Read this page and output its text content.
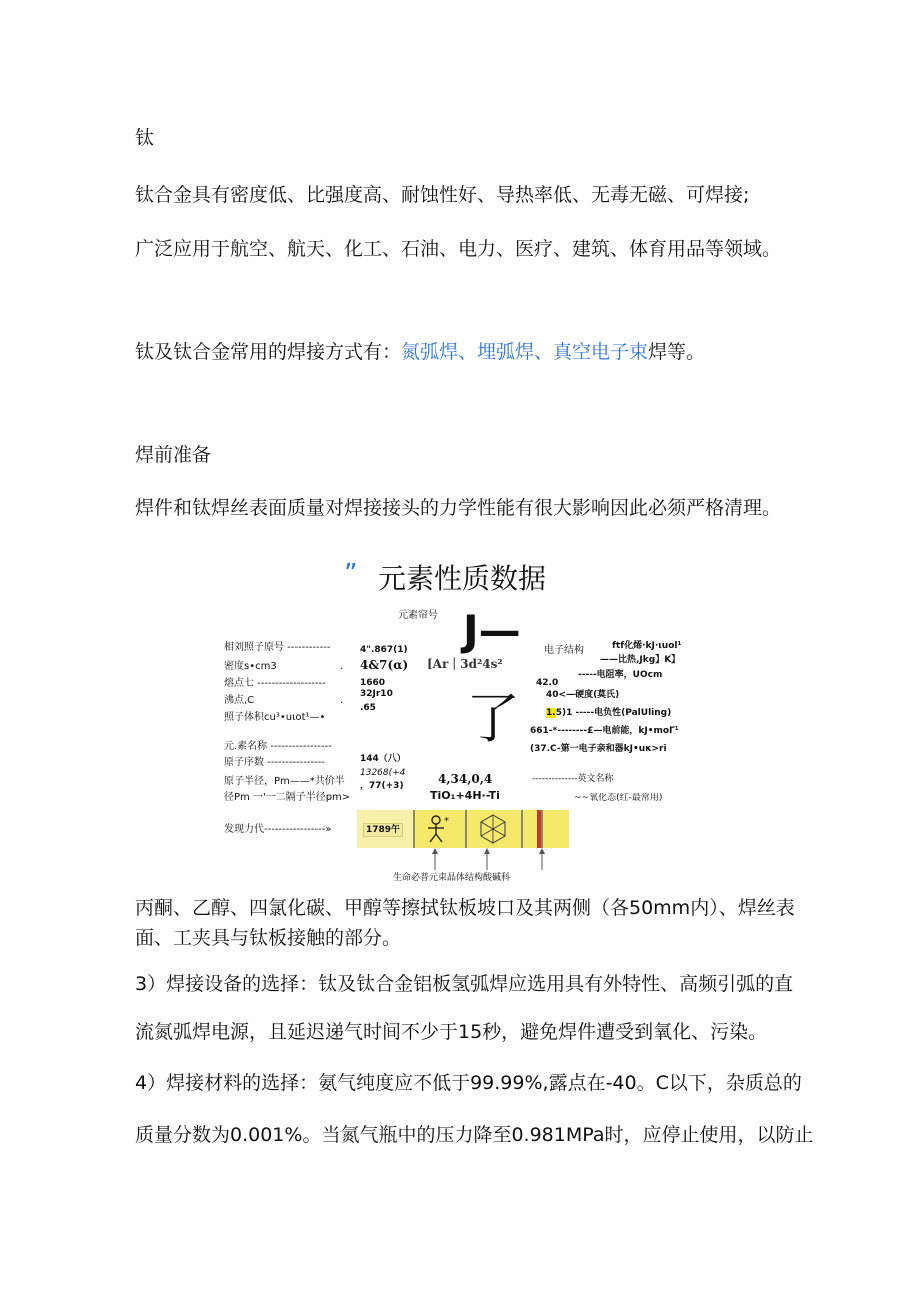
钛
钛合金具有密度低、比强度高、耐蚀性好、导热率低、无毒无磁、可焊接;
广泛应用于航空、航天、化工、石油、电力、医疗、建筑、体育用品等领域。
钛及钛合金常用的焊接方式有：氮弧焊、埋弧焊、真空电子束焊等。
焊前准备
焊件和钛焊丝表面质量对焊接接头的力学性能有很大影响因此必须严格清理。
” 元素性质数据
元素帘号 J—
了
相刘照子原号 ------------
密度s•cm3	.
熔点七 -------------------
沸点,C	.
照子体积cu³•uιot¹—•
元.素名称 -----------------
原子序数 ----------------
原子半径，Pm——*共价半
径Pm 一'一二隔子半径pm>
发现力代-----------------»
4".867(1)
4&7(α)
1660
32Jr10
.65
144（八）
13268(+4
，77(+3)
[Ar｜3d²4s²
4,34,0,4
TiO₁+4H·-Ti
电子结构	ftf化烯·kJ·ιuol¹
——比热,Jkg】K】
-----电阻率，UOcm
42.0
40<—硬度(莫氏)
1.5)1 -----电负性(PalUling)
661-*--------£—电前能，kJ•moΓ¹
(37.C-第一电子亲和器kJ•uκ>ri
--------------英文名称
~~氧化态(红-最常用)
1789午
*
生命必普元束晶体结构酸碱科
丙酮、乙醇、四氯化碳、甲醇等擦拭钛板坡口及其两侧（各50mm内）、焊丝表
面、工夹具与钛板接触的部分。
3）焊接设备的选择：钛及钛合金铝板氢弧焊应选用具有外特性、高频引弧的直
流氮弧焊电源，且延迟递气时间不少于15秒，避免焊件遭受到氧化、污染。
4）焊接材料的选择：氨气纯度应不低于99.99%,露点在-40。C以下，杂质总的
质量分数为0.001%。当氮气瓶中的压力降至0.981MPa时，应停止使用，以防止
